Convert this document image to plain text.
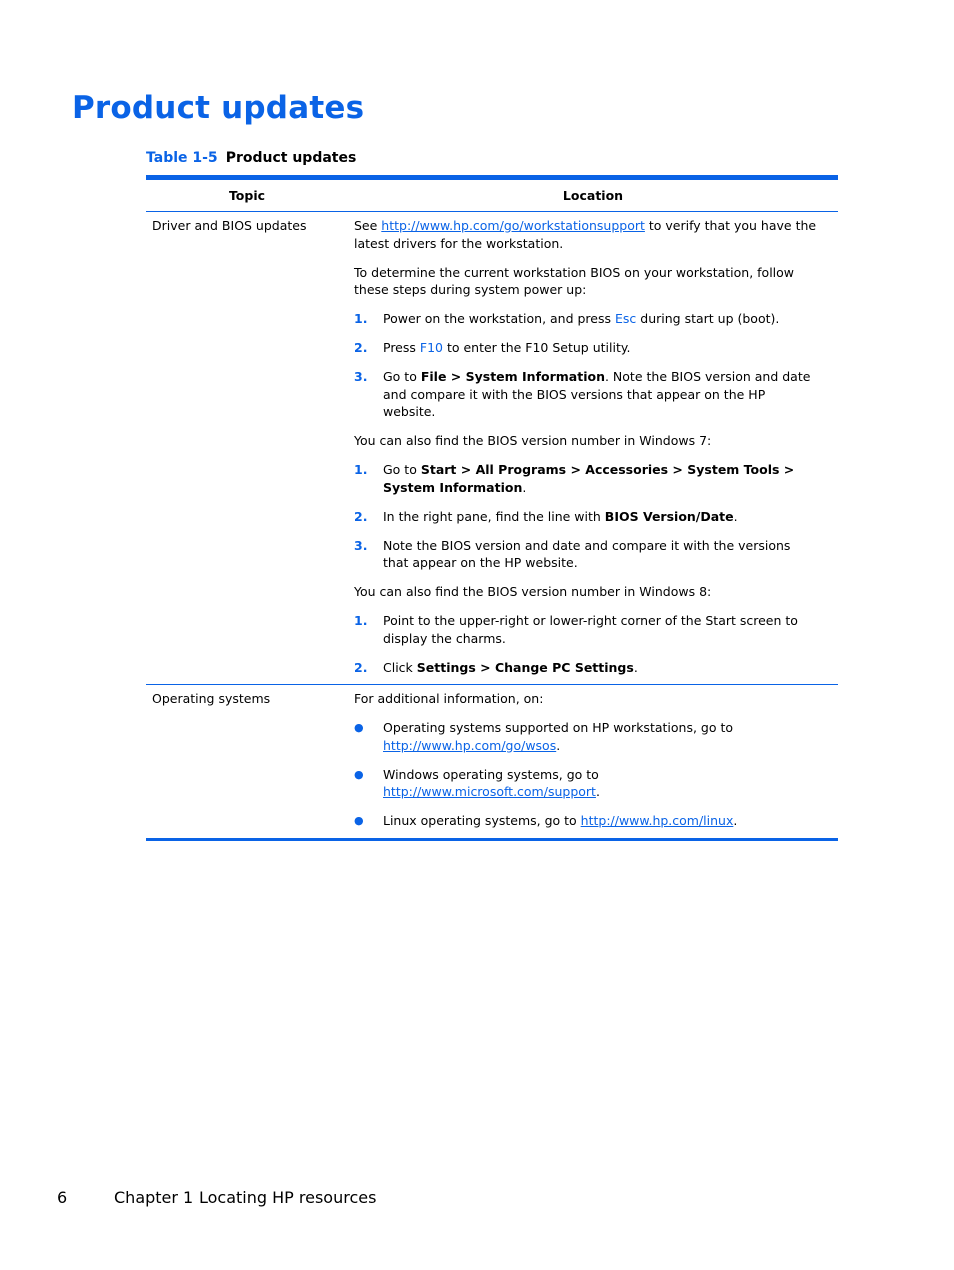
Product updates
Table 1-5 Product updates
Topic	Location
Driver and BIOS updates	See http://www.hp.com/go/workstationsupport to verify that you have the latest drivers for the workstation.

To determine the current workstation BIOS on your workstation, follow these steps during system power up:

1.	Power on the workstation, and press Esc during start up (boot).
2.	Press F10 to enter the F10 Setup utility.
3.	Go to File > System Information. Note the BIOS version and date and compare it with the BIOS versions that appear on the HP website.

You can also find the BIOS version number in Windows 7:

1.	Go to Start > All Programs > Accessories > System Tools > System Information.
2.	In the right pane, find the line with BIOS Version/Date.
3.	Note the BIOS version and date and compare it with the versions that appear on the HP website.

You can also find the BIOS version number in Windows 8:

1.	Point to the upper-right or lower-right corner of the Start screen to display the charms.
2.	Click Settings > Change PC Settings.
Operating systems	For additional information, on:

●	Operating systems supported on HP workstations, go to http://www.hp.com/go/wsos.
●	Windows operating systems, go to http://www.microsoft.com/support.
●	Linux operating systems, go to http://www.hp.com/linux.
6	Chapter 1 Locating HP resources
